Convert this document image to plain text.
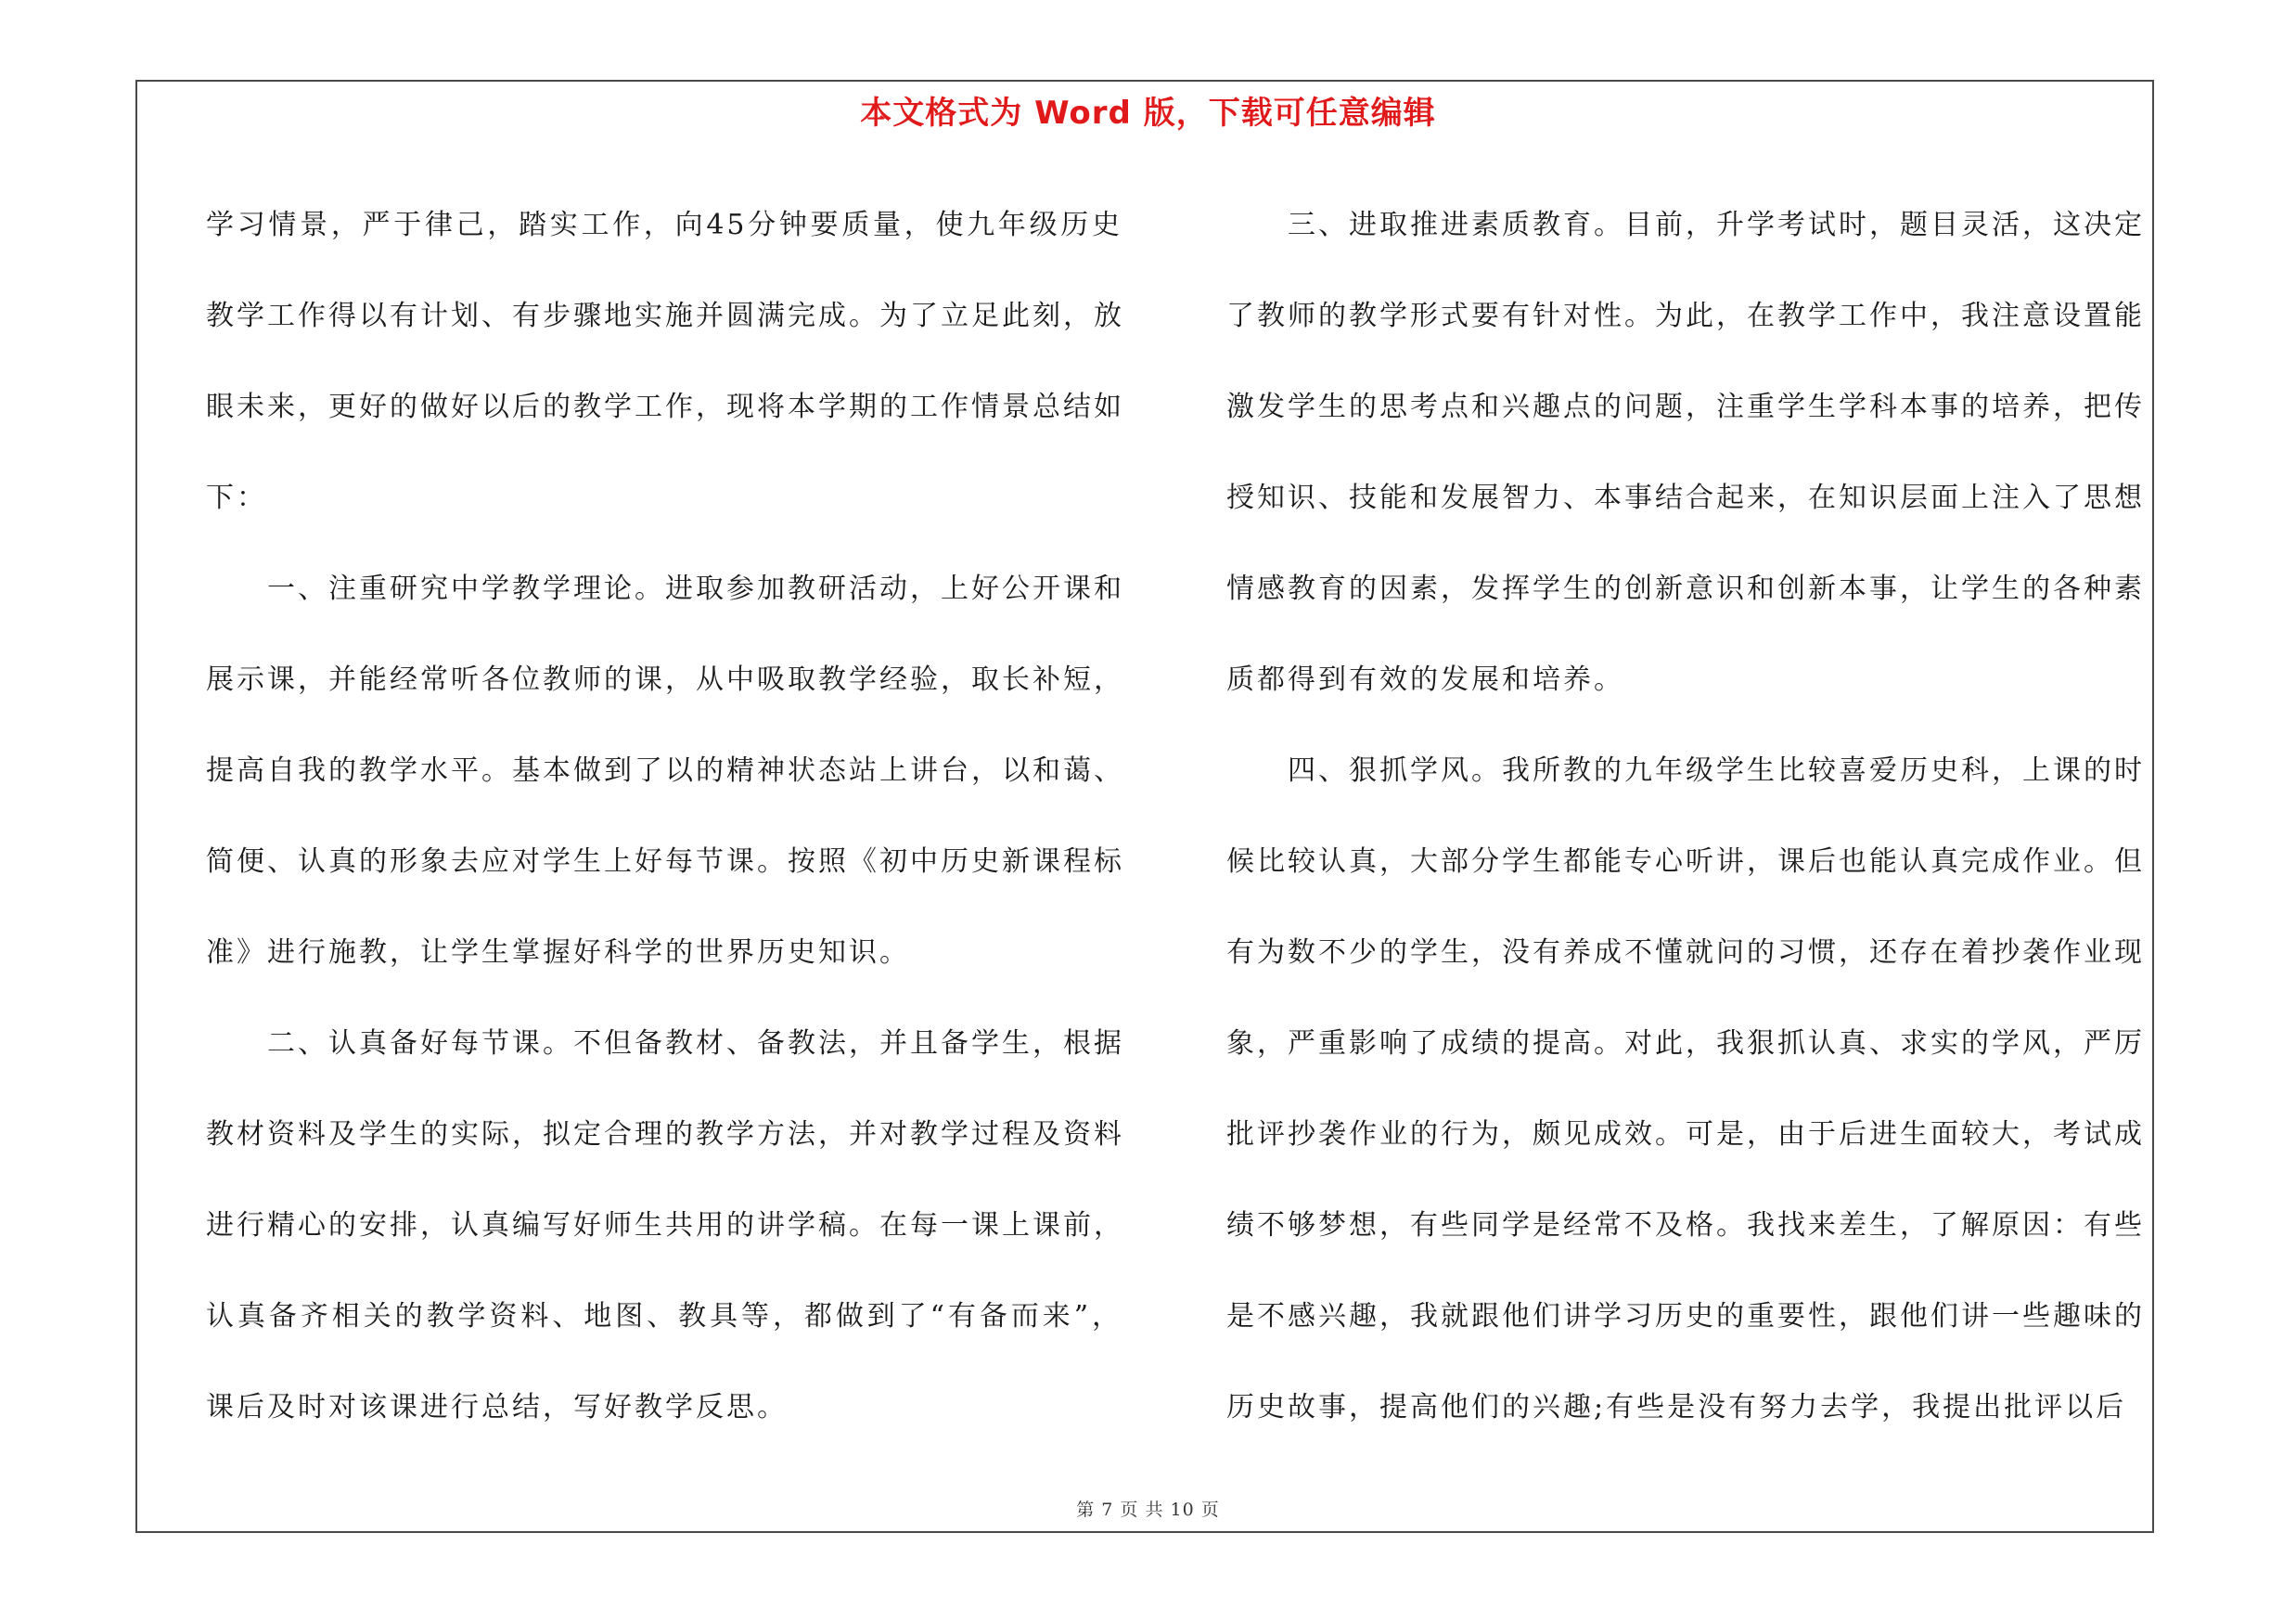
本文格式为 Word 版，下载可任意编辑
学习情景，严于律己，踏实工作，向45分钟要质量，使九年级历史
教学工作得以有计划、有步骤地实施并圆满完成。为了立足此刻，放
眼未来，更好的做好以后的教学工作，现将本学期的工作情景总结如
下：
一、注重研究中学教学理论。进取参加教研活动，上好公开课和
展示课，并能经常听各位教师的课，从中吸取教学经验，取长补短，
提高自我的教学水平。基本做到了以的精神状态站上讲台，以和蔼、
简便、认真的形象去应对学生上好每节课。按照《初中历史新课程标
准》进行施教，让学生掌握好科学的世界历史知识。
二、认真备好每节课。不但备教材、备教法，并且备学生，根据
教材资料及学生的实际，拟定合理的教学方法，并对教学过程及资料
进行精心的安排，认真编写好师生共用的讲学稿。在每一课上课前，
认真备齐相关的教学资料、地图、教具等，都做到了“有备而来”，
课后及时对该课进行总结，写好教学反思。
三、进取推进素质教育。目前，升学考试时，题目灵活，这决定
了教师的教学形式要有针对性。为此，在教学工作中，我注意设置能
激发学生的思考点和兴趣点的问题，注重学生学科本事的培养，把传
授知识、技能和发展智力、本事结合起来，在知识层面上注入了思想
情感教育的因素，发挥学生的创新意识和创新本事，让学生的各种素
质都得到有效的发展和培养。
四、狠抓学风。我所教的九年级学生比较喜爱历史科，上课的时
候比较认真，大部分学生都能专心听讲，课后也能认真完成作业。但
有为数不少的学生，没有养成不懂就问的习惯，还存在着抄袭作业现
象，严重影响了成绩的提高。对此，我狠抓认真、求实的学风，严厉
批评抄袭作业的行为，颇见成效。可是，由于后进生面较大，考试成
绩不够梦想，有些同学是经常不及格。我找来差生，了解原因：有些
是不感兴趣，我就跟他们讲学习历史的重要性，跟他们讲一些趣味的
历史故事，提高他们的兴趣;有些是没有努力去学，我提出批评以后
第 7 页 共 10 页
